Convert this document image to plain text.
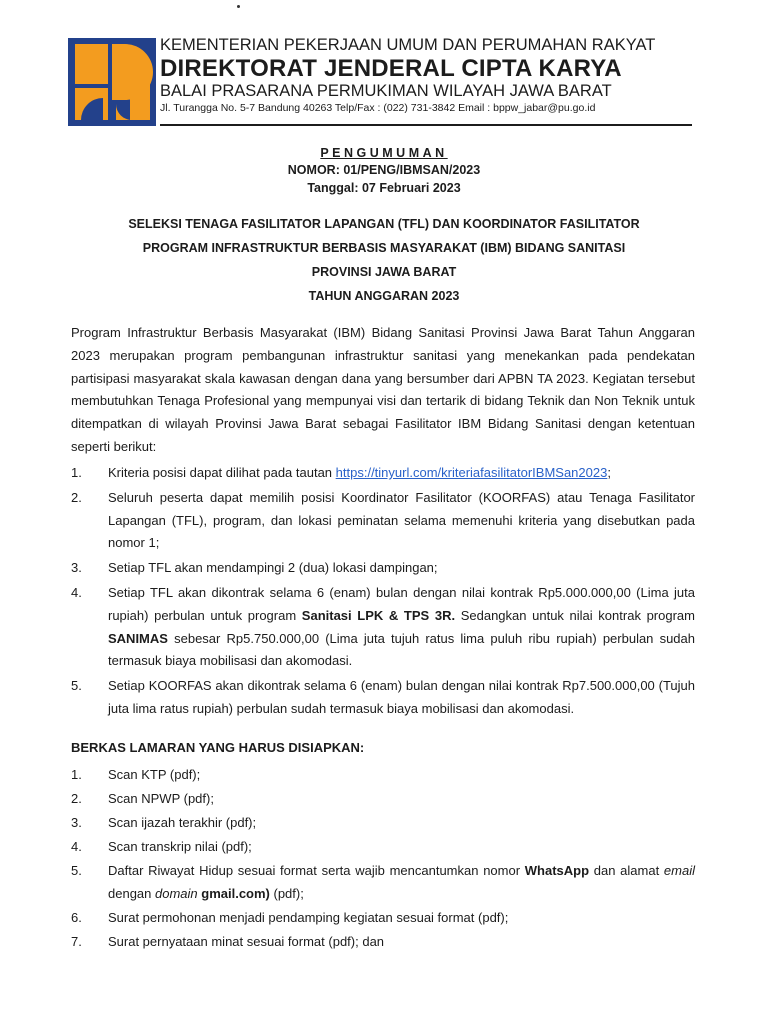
KEMENTERIAN PEKERJAAN UMUM DAN PERUMAHAN RAKYAT
DIREKTORAT JENDERAL CIPTA KARYA
BALAI PRASARANA PERMUKIMAN WILAYAH JAWA BARAT
Jl. Turangga No. 5-7 Bandung 40263 Telp/Fax : (022) 731-3842 Email : bppw_jabar@pu.go.id
PENGUMUMAN
NOMOR: 01/PENG/IBMSAN/2023
Tanggal: 07 Februari 2023
SELEKSI TENAGA FASILITATOR LAPANGAN (TFL) DAN KOORDINATOR FASILITATOR
PROGRAM INFRASTRUKTUR BERBASIS MASYARAKAT (IBM) BIDANG SANITASI
PROVINSI JAWA BARAT
TAHUN ANGGARAN 2023
Program Infrastruktur Berbasis Masyarakat (IBM) Bidang Sanitasi Provinsi Jawa Barat Tahun Anggaran 2023 merupakan program pembangunan infrastruktur sanitasi yang menekankan pada pendekatan partisipasi masyarakat skala kawasan dengan dana yang bersumber dari APBN TA 2023. Kegiatan tersebut membutuhkan Tenaga Profesional yang mempunyai visi dan tertarik di bidang Teknik dan Non Teknik untuk ditempatkan di wilayah Provinsi Jawa Barat sebagai Fasilitator IBM Bidang Sanitasi dengan ketentuan seperti berikut:
1. Kriteria posisi dapat dilihat pada tautan https://tinyurl.com/kriteriafasilitatorIBMSan2023;
2. Seluruh peserta dapat memilih posisi Koordinator Fasilitator (KOORFAS) atau Tenaga Fasilitator Lapangan (TFL), program, dan lokasi peminatan selama memenuhi kriteria yang disebutkan pada nomor 1;
3. Setiap TFL akan mendampingi 2 (dua) lokasi dampingan;
4. Setiap TFL akan dikontrak selama 6 (enam) bulan dengan nilai kontrak Rp5.000.000,00 (Lima juta rupiah) perbulan untuk program Sanitasi LPK & TPS 3R. Sedangkan untuk nilai kontrak program SANIMAS sebesar Rp5.750.000,00 (Lima juta tujuh ratus lima puluh ribu rupiah) perbulan sudah termasuk biaya mobilisasi dan akomodasi.
5. Setiap KOORFAS akan dikontrak selama 6 (enam) bulan dengan nilai kontrak Rp7.500.000,00 (Tujuh juta lima ratus rupiah) perbulan sudah termasuk biaya mobilisasi dan akomodasi.
BERKAS LAMARAN YANG HARUS DISIAPKAN:
1. Scan KTP (pdf);
2. Scan NPWP (pdf);
3. Scan ijazah terakhir (pdf);
4. Scan transkrip nilai (pdf);
5. Daftar Riwayat Hidup sesuai format serta wajib mencantumkan nomor WhatsApp dan alamat email dengan domain gmail.com) (pdf);
6. Surat permohonan menjadi pendamping kegiatan sesuai format (pdf);
7. Surat pernyataan minat sesuai format (pdf); dan
